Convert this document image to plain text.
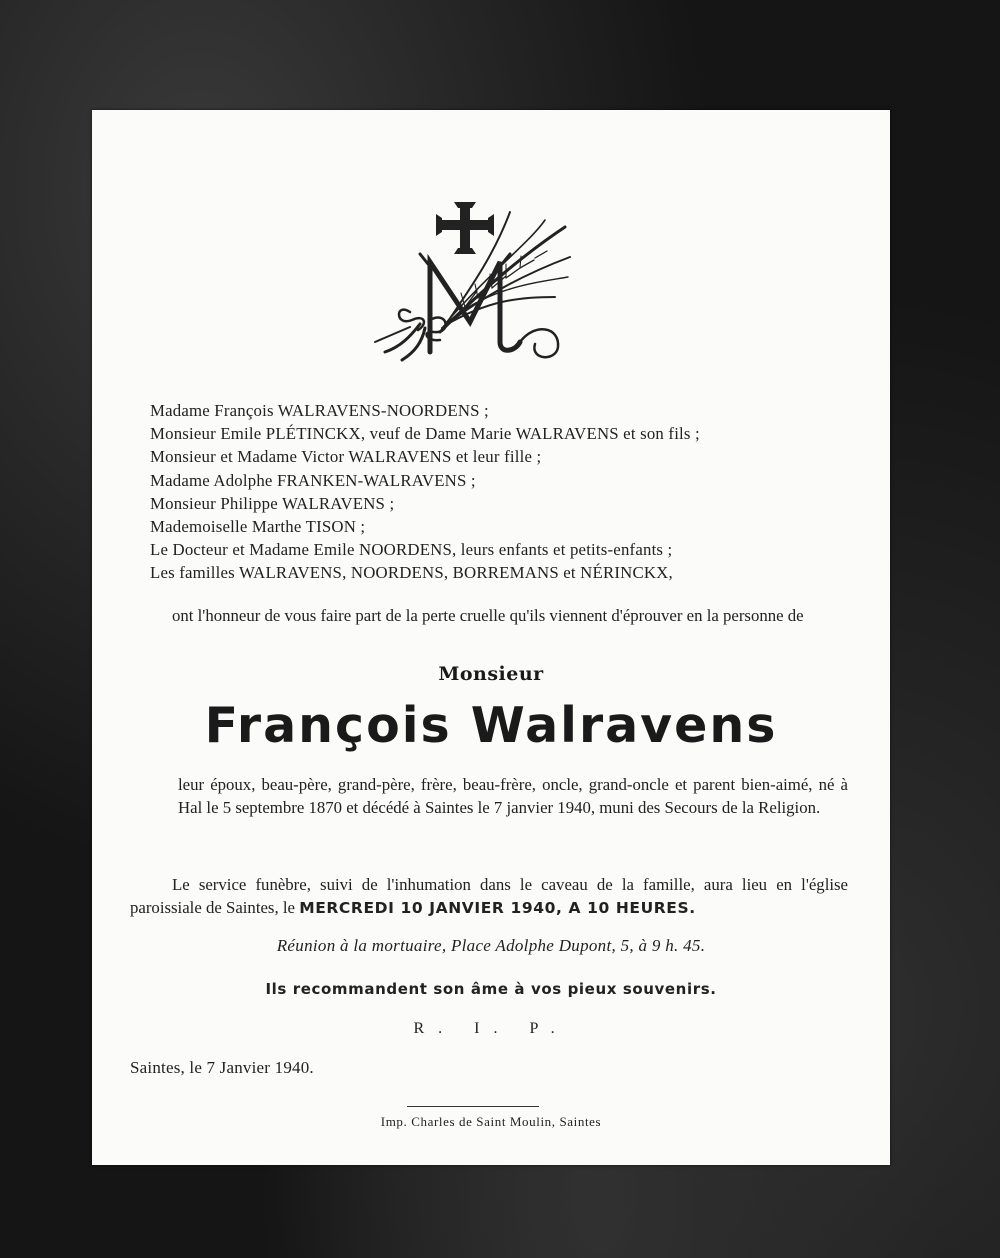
Madame François WALRAVENS-NOORDENS ;
Monsieur Emile PLÉTINCKX, veuf de Dame Marie WALRAVENS et son fils ;
Monsieur et Madame Victor WALRAVENS et leur fille ;
Madame Adolphe FRANKEN-WALRAVENS ;
Monsieur Philippe WALRAVENS ;
Mademoiselle Marthe TISON ;
Le Docteur et Madame Emile NOORDENS, leurs enfants et petits-enfants ;
Les familles WALRAVENS, NOORDENS, BORREMANS et NÉRINCKX,
ont l'honneur de vous faire part de la perte cruelle qu'ils viennent d'éprouver en la personne de
Monsieur
François Walravens
leur époux, beau-père, grand-père, frère, beau-frère, oncle, grand-oncle et parent bien-aimé, né à Hal le 5 septembre 1870 et décédé à Saintes le 7 janvier 1940, muni des Secours de la Religion.
Le service funèbre, suivi de l'inhumation dans le caveau de la famille, aura lieu en l'église paroissiale de Saintes, le MERCREDI 10 JANVIER 1940, A 10 HEURES.
Réunion à la mortuaire, Place Adolphe Dupont, 5, à 9 h. 45.
Ils recommandent son âme à vos pieux souvenirs.
R. I. P.
Saintes, le 7 Janvier 1940.
Imp. Charles de Saint Moulin, Saintes
